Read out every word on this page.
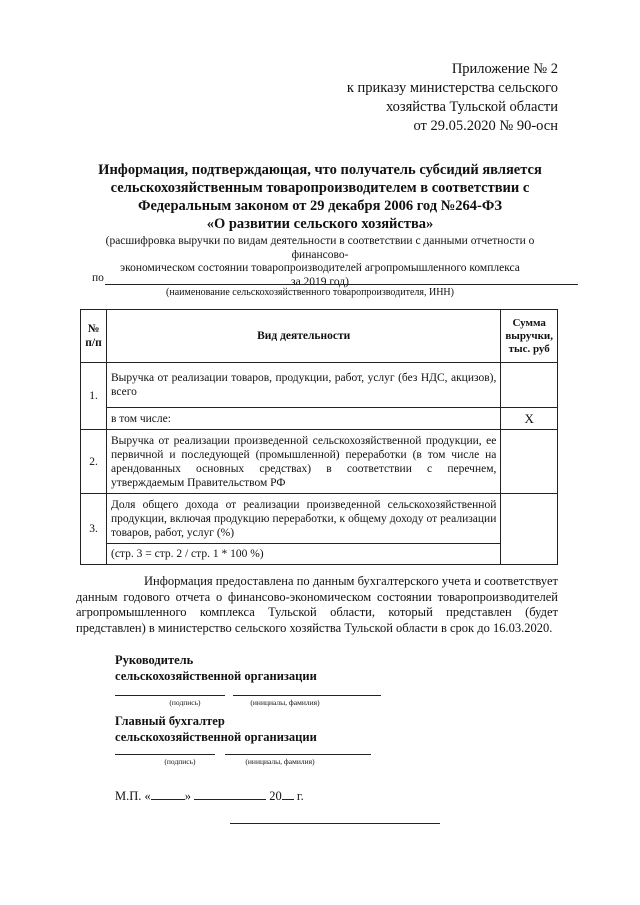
Приложение № 2
к приказу министерства сельского
хозяйства Тульской области
от 29.05.2020 № 90-осн
Информация, подтверждающая, что получатель субсидий является
сельскохозяйственным товаропроизводителем в соответствии с
Федеральным законом от 29 декабря 2006 год №264-ФЗ
«О развитии сельского хозяйства»
(расшифровка выручки по видам деятельности в соответствии с данными отчетности о финансово-
экономическом состоянии товаропроизводителей агропромышленного комплекса
за 2019 год)
по
(наименование сельскохозяйственного товаропроизводителя, ИНН)
№ п/п	Вид деятельности	Сумма выручки, тыс. руб
1.	Выручка от реализации товаров, продукции, работ, услуг (без НДС, акцизов), всего	
	в том числе:	Х
2.	Выручка от реализации произведенной сельскохозяйственной продукции, ее первичной и последующей (промышленной) переработки (в том числе на арендованных основных средствах) в соответствии с перечнем, утверждаемым Правительством РФ	
3.	Доля общего дохода от реализации произведенной сельскохозяйственной продукции, включая продукцию переработки, к общему доходу от реализации товаров, работ, услуг (%)	
	(стр. 3 = стр. 2 / стр. 1 * 100 %)	
Информация предоставлена по данным бухгалтерского учета и соответствует данным годового отчета о финансово-экономическом состоянии товаропроизводителей агропромышленного комплекса Тульской области, который представлен (будет представлен) в министерство сельского хозяйства Тульской области в срок до 16.03.2020.
Руководитель
сельскохозяйственной организации
(подпись)	(инициалы, фамилия)
Главный бухгалтер
сельскохозяйственной организации
(подпись)	(инициалы, фамилия)
М.П. «	»	20 г.
